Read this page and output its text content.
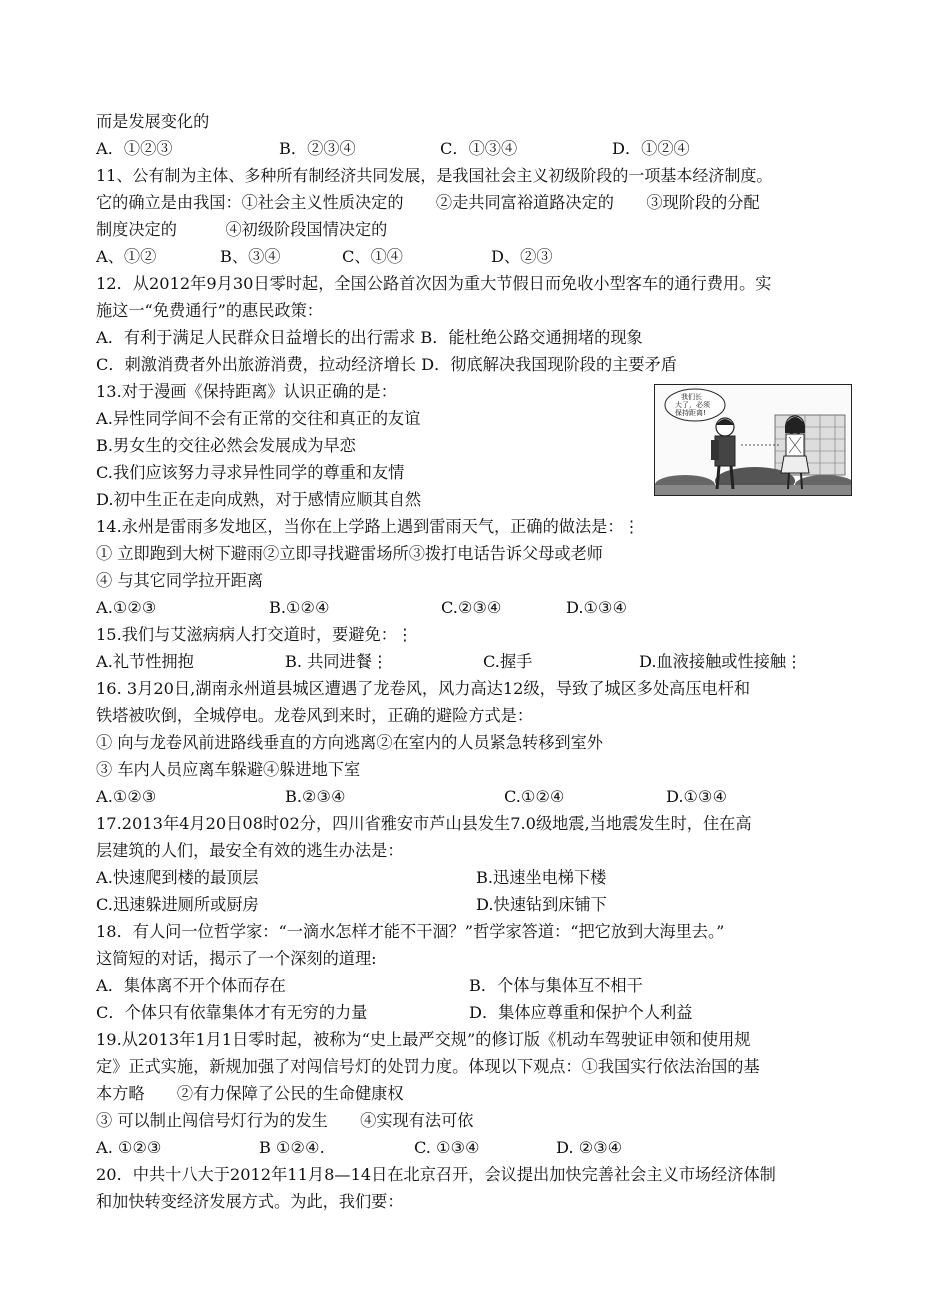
而是发展变化的
A．①②③	B．②③④	C．①③④	D．①②④
11、公有制为主体、多种所有制经济共同发展，是我国社会主义初级阶段的一项基本经济制度。
它的确立是由我国：①社会主义性质决定的　　②走共同富裕道路决定的　　③现阶段的分配
制度决定的　　　④初级阶段国情决定的
A、①②	B、③④	C、①④	D、②③
12．从2012年9月30日零时起，全国公路首次因为重大节假日而免收小型客车的通行费用。实
施这一“免费通行”的惠民政策：
A．有利于满足人民群众日益增长的出行需求 B．能杜绝公路交通拥堵的现象
C．刺激消费者外出旅游消费，拉动经济增长 D．彻底解决我国现阶段的主要矛盾
13.对于漫画《保持距离》认识正确的是：
A.异性同学间不会有正常的交往和真正的友谊
B.男女生的交往必然会发展成为早恋
C.我们应该努力寻求异性同学的尊重和友情
D.初中生正在走向成熟，对于感情应顺其自然
我们长
大了，必须
保持距离!
14.永州是雷雨多发地区，当你在上学路上遇到雷雨天气，正确的做法是：⋮
① 立即跑到大树下避雨②立即寻找避雷场所③拨打电话告诉父母或老师
④ 与其它同学拉开距离
A.①②③	B.①②④	C.②③④	D.①③④
15.我们与艾滋病病人打交道时，要避免：⋮
A.礼节性拥抱	B. 共同进餐⋮	C.握手	D.血液接触或性接触⋮
16. 3月20日,湖南永州道县城区遭遇了龙卷风，风力高达12级，导致了城区多处高压电杆和
铁塔被吹倒，全城停电。龙卷风到来时，正确的避险方式是：
① 向与龙卷风前进路线垂直的方向逃离②在室内的人员紧急转移到室外
③ 车内人员应离车躲避④躲进地下室
A.①②③	B.②③④	C.①②④	D.①③④
17.2013年4月20日08时02分，四川省雅安市芦山县发生7.0级地震,当地震发生时，住在高
层建筑的人们，最安全有效的逃生办法是：
A.快速爬到楼的最顶层	B.迅速坐电梯下楼
C.迅速躲进厕所或厨房	D.快速钻到床铺下
18．有人问一位哲学家：“一滴水怎样才能不干涸？”哲学家答道：“把它放到大海里去。”
这简短的对话，揭示了一个深刻的道理:
A．集体离不开个体而存在	B．个体与集体互不相干
C．个体只有依靠集体才有无穷的力量	D．集体应尊重和保护个人利益
19.从2013年1月1日零时起，被称为“史上最严交规”的修订版《机动车驾驶证申领和使用规
定》正式实施，新规加强了对闯信号灯的处罚力度。体现以下观点：①我国实行依法治国的基
本方略　　②有力保障了公民的生命健康权
③ 可以制止闯信号灯行为的发生　　④实现有法可依
A. ①②③	B ①②④.	C. ①③④	D. ②③④
20．中共十八大于2012年11月8—14日在北京召开，会议提出加快完善社会主义市场经济体制
和加快转变经济发展方式。为此，我们要：
